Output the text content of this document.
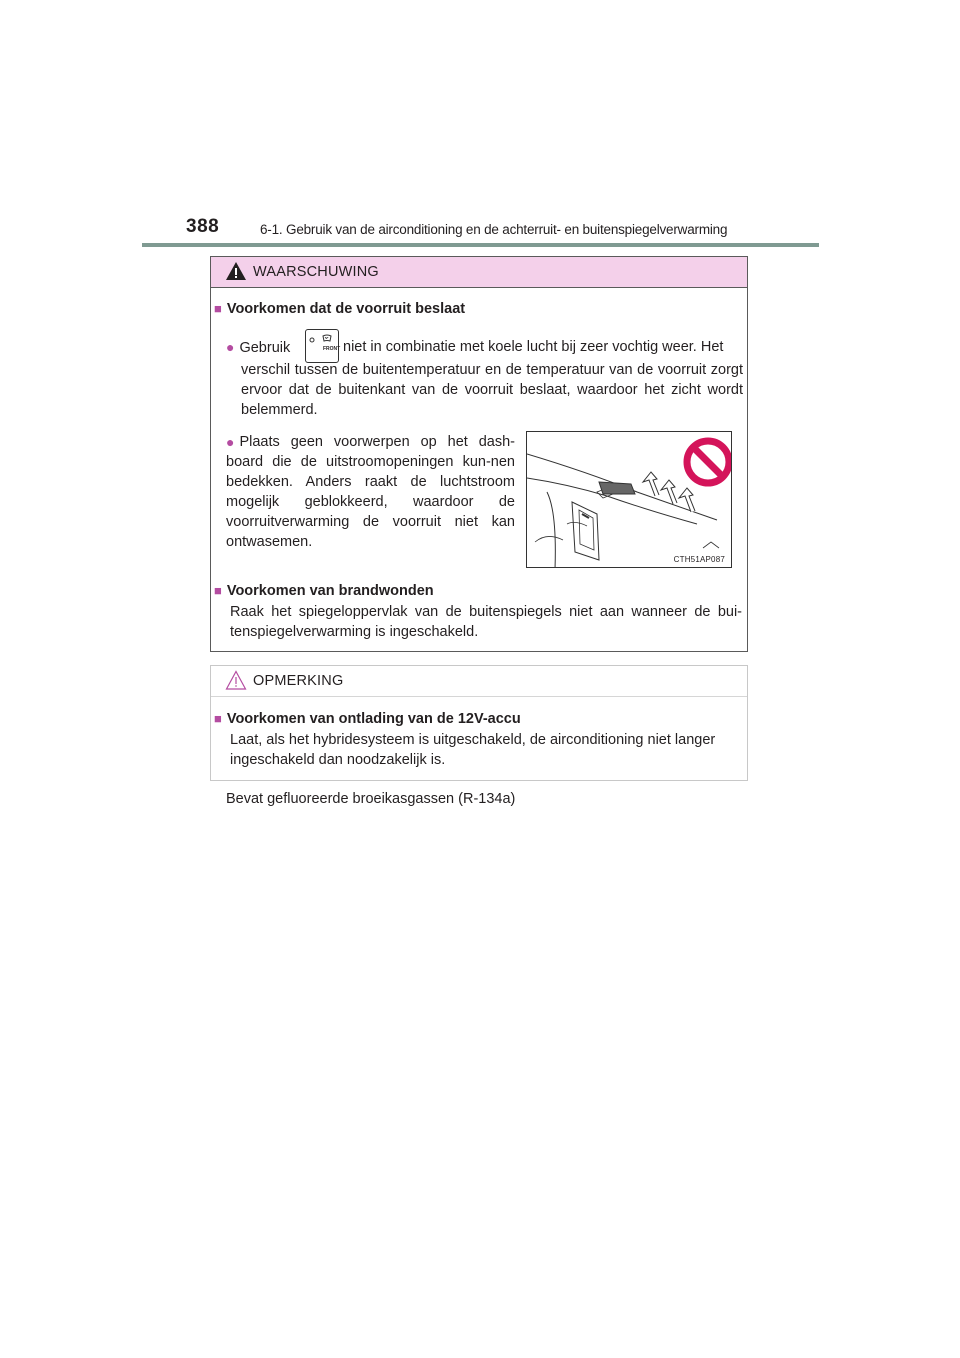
388	6-1. Gebruik van de airconditioning en de achterruit- en buitenspiegelverwarming
WAARSCHUWING
■ Voorkomen dat de voorruit beslaat
● Gebruik	FRONT niet in combinatie met koele lucht bij zeer vochtig weer. Het
verschil tussen de buitentemperatuur en de temperatuur van de voorruit zorgt ervoor dat de buitenkant van de voorruit beslaat, waardoor het zicht wordt belemmerd.
● Plaats geen voorwerpen op het dash-board die de uitstroomopeningen kun-nen bedekken. Anders raakt de luchtstroom mogelijk geblokkeerd, waardoor de voorruitverwarming de voorruit niet kan ontwasemen.
CTH51AP087
■ Voorkomen van brandwonden
Raak het spiegeloppervlak van de buitenspiegels niet aan wanneer de bui-tenspiegelverwarming is ingeschakeld.
OPMERKING
■ Voorkomen van ontlading van de 12V-accu
Laat, als het hybridesysteem is uitgeschakeld, de airconditioning niet langer ingeschakeld dan noodzakelijk is.
Bevat gefluoreerde broeikasgassen (R-134a)
